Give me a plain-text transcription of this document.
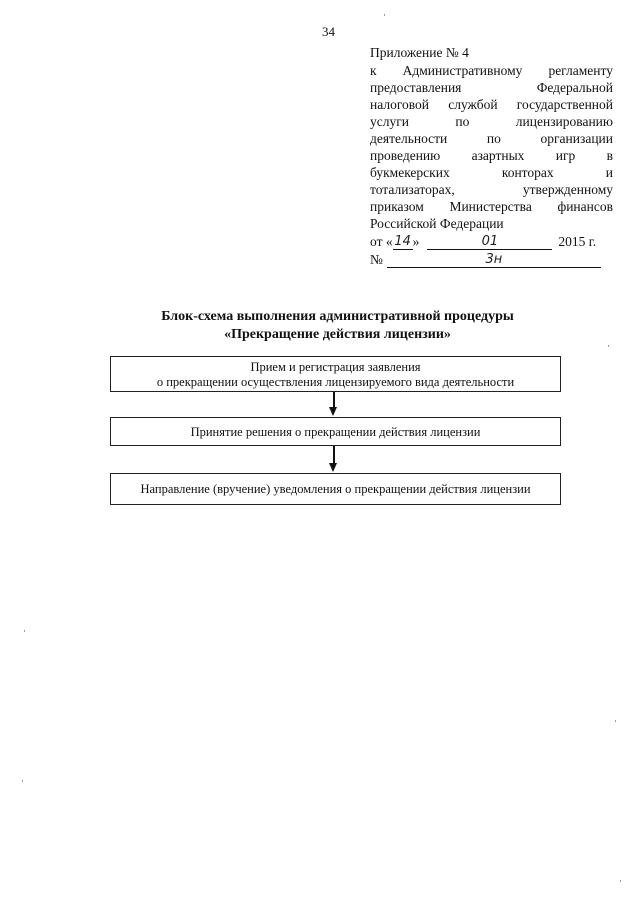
34
Приложение № 4
к Административному регламенту
предоставления Федеральной
налоговой службой государственной
услуги по лицензированию
деятельности по организации
проведению азартных игр в
букмекерских конторах и
тотализаторах, утвержденному
приказом Министерства финансов
Российской Федерации
от « 14 »	01	2015 г.
№	3н
Блок-схема выполнения административной процедуры
«Прекращение действия лицензии»
Прием и регистрация заявления
о прекращении осуществления лицензируемого вида деятельности
Принятие решения о прекращении действия лицензии
Направление (вручение) уведомления о прекращении действия лицензии
